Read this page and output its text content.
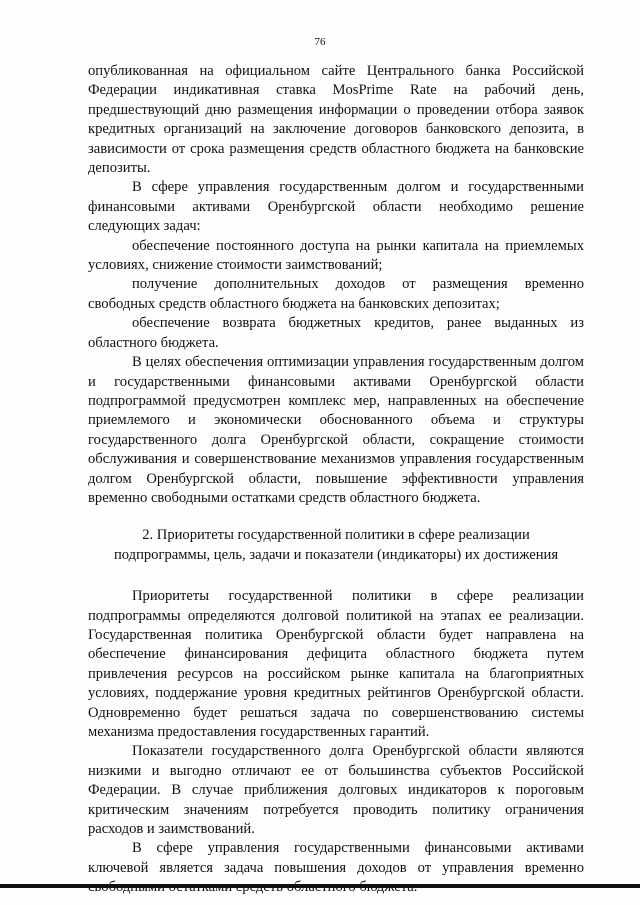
76

опубликованная на официальном сайте Центрального банка Российской Федерации индикативная ставка MosPrime Rate на рабочий день, предшествующий дню размещения информации о проведении отбора заявок кредитных организаций на заключение договоров банковского депозита, в зависимости от срока размещения средств областного бюджета на банковские депозиты.

В сфере управления государственным долгом и государственными финансовыми активами Оренбургской области необходимо решение следующих задач:

обеспечение постоянного доступа на рынки капитала на приемлемых условиях, снижение стоимости заимствований;

получение дополнительных доходов от размещения временно свободных средств областного бюджета на банковских депозитах;

обеспечение возврата бюджетных кредитов, ранее выданных из областного бюджета.

В целях обеспечения оптимизации управления государственным долгом и государственными финансовыми активами Оренбургской области подпрограммой предусмотрен комплекс мер, направленных на обеспечение приемлемого и экономически обоснованного объема и структуры государственного долга Оренбургской области, сокращение стоимости обслуживания и совершенствование механизмов управления государственным долгом Оренбургской области, повышение эффективности управления временно свободными остатками средств областного бюджета.

2. Приоритеты государственной политики в сфере реализации
подпрограммы, цель, задачи и показатели (индикаторы) их достижения

Приоритеты государственной политики в сфере реализации подпрограммы определяются долговой политикой на этапах ее реализации. Государственная политика Оренбургской области будет направлена на обеспечение финансирования дефицита областного бюджета путем привлечения ресурсов на российском рынке капитала на благоприятных условиях, поддержание уровня кредитных рейтингов Оренбургской области. Одновременно будет решаться задача по совершенствованию системы механизма предоставления государственных гарантий.

Показатели государственного долга Оренбургской области являются низкими и выгодно отличают ее от большинства субъектов Российской Федерации. В случае приближения долговых индикаторов к пороговым критическим значениям потребуется проводить политику ограничения расходов и заимствований.

В сфере управления государственными финансовыми активами ключевой является задача повышения доходов от управления временно
